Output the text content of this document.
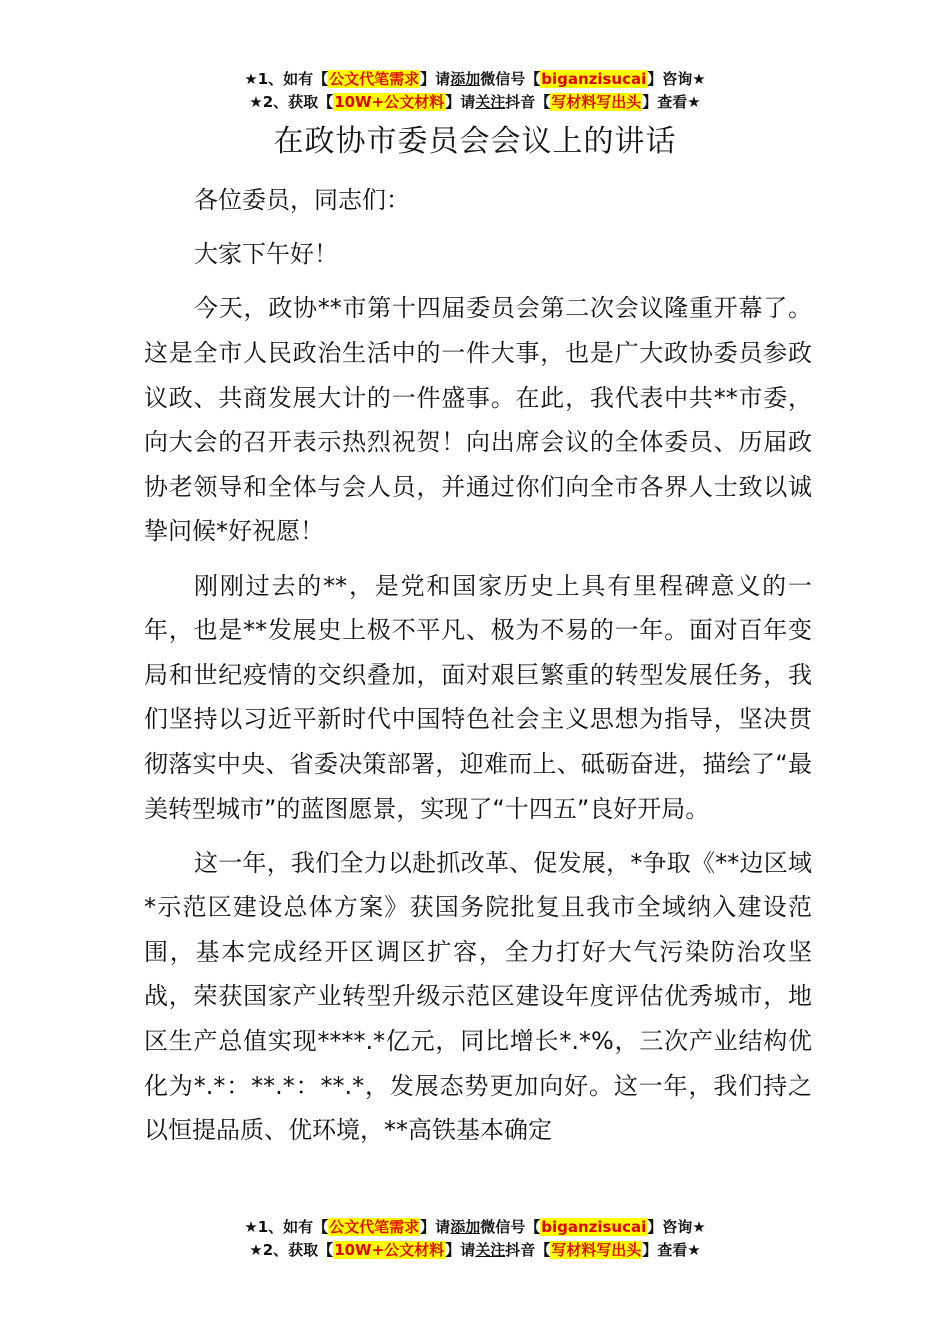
★1、如有【公文代笔需求】请添加微信号【biganzisucai】咨询★
★2、获取【10W+公文材料】请关注抖音【写材料写出头】查看★
在政协市委员会会议上的讲话

各位委员，同志们：

大家下午好！

今天，政协**市第十四届委员会第二次会议隆重开幕了。这是全市人民政治生活中的一件大事，也是广大政协委员参政议政、共商发展大计的一件盛事。在此，我代表中共**市委，向大会的召开表示热烈祝贺！向出席会议的全体委员、历届政协老领导和全体与会人员，并通过你们向全市各界人士致以诚挚问候*好祝愿！

刚刚过去的**，是党和国家历史上具有里程碑意义的一年，也是**发展史上极不平凡、极为不易的一年。面对百年变局和世纪疫情的交织叠加，面对艰巨繁重的转型发展任务，我们坚持以习近平新时代中国特色社会主义思想为指导，坚决贯彻落实中央、省委决策部署，迎难而上、砥砺奋进，描绘了“最美转型城市”的蓝图愿景，实现了“十四五”良好开局。

这一年，我们全力以赴抓改革、促发展，*争取《**边区域*示范区建设总体方案》获国务院批复且我市全域纳入建设范围，基本完成经开区调区扩容，全力打好大气污染防治攻坚战，荣获国家产业转型升级示范区建设年度评估优秀城市，地区生产总值实现****.*亿元，同比增长*.*%，三次产业结构优化为*.*：**.*：**.*，发展态势更加向好。这一年，我们持之以恒提品质、优环境，**高铁基本确定

★1、如有【公文代笔需求】请添加微信号【biganzisucai】咨询★
★2、获取【10W+公文材料】请关注抖音【写材料写出头】查看★
